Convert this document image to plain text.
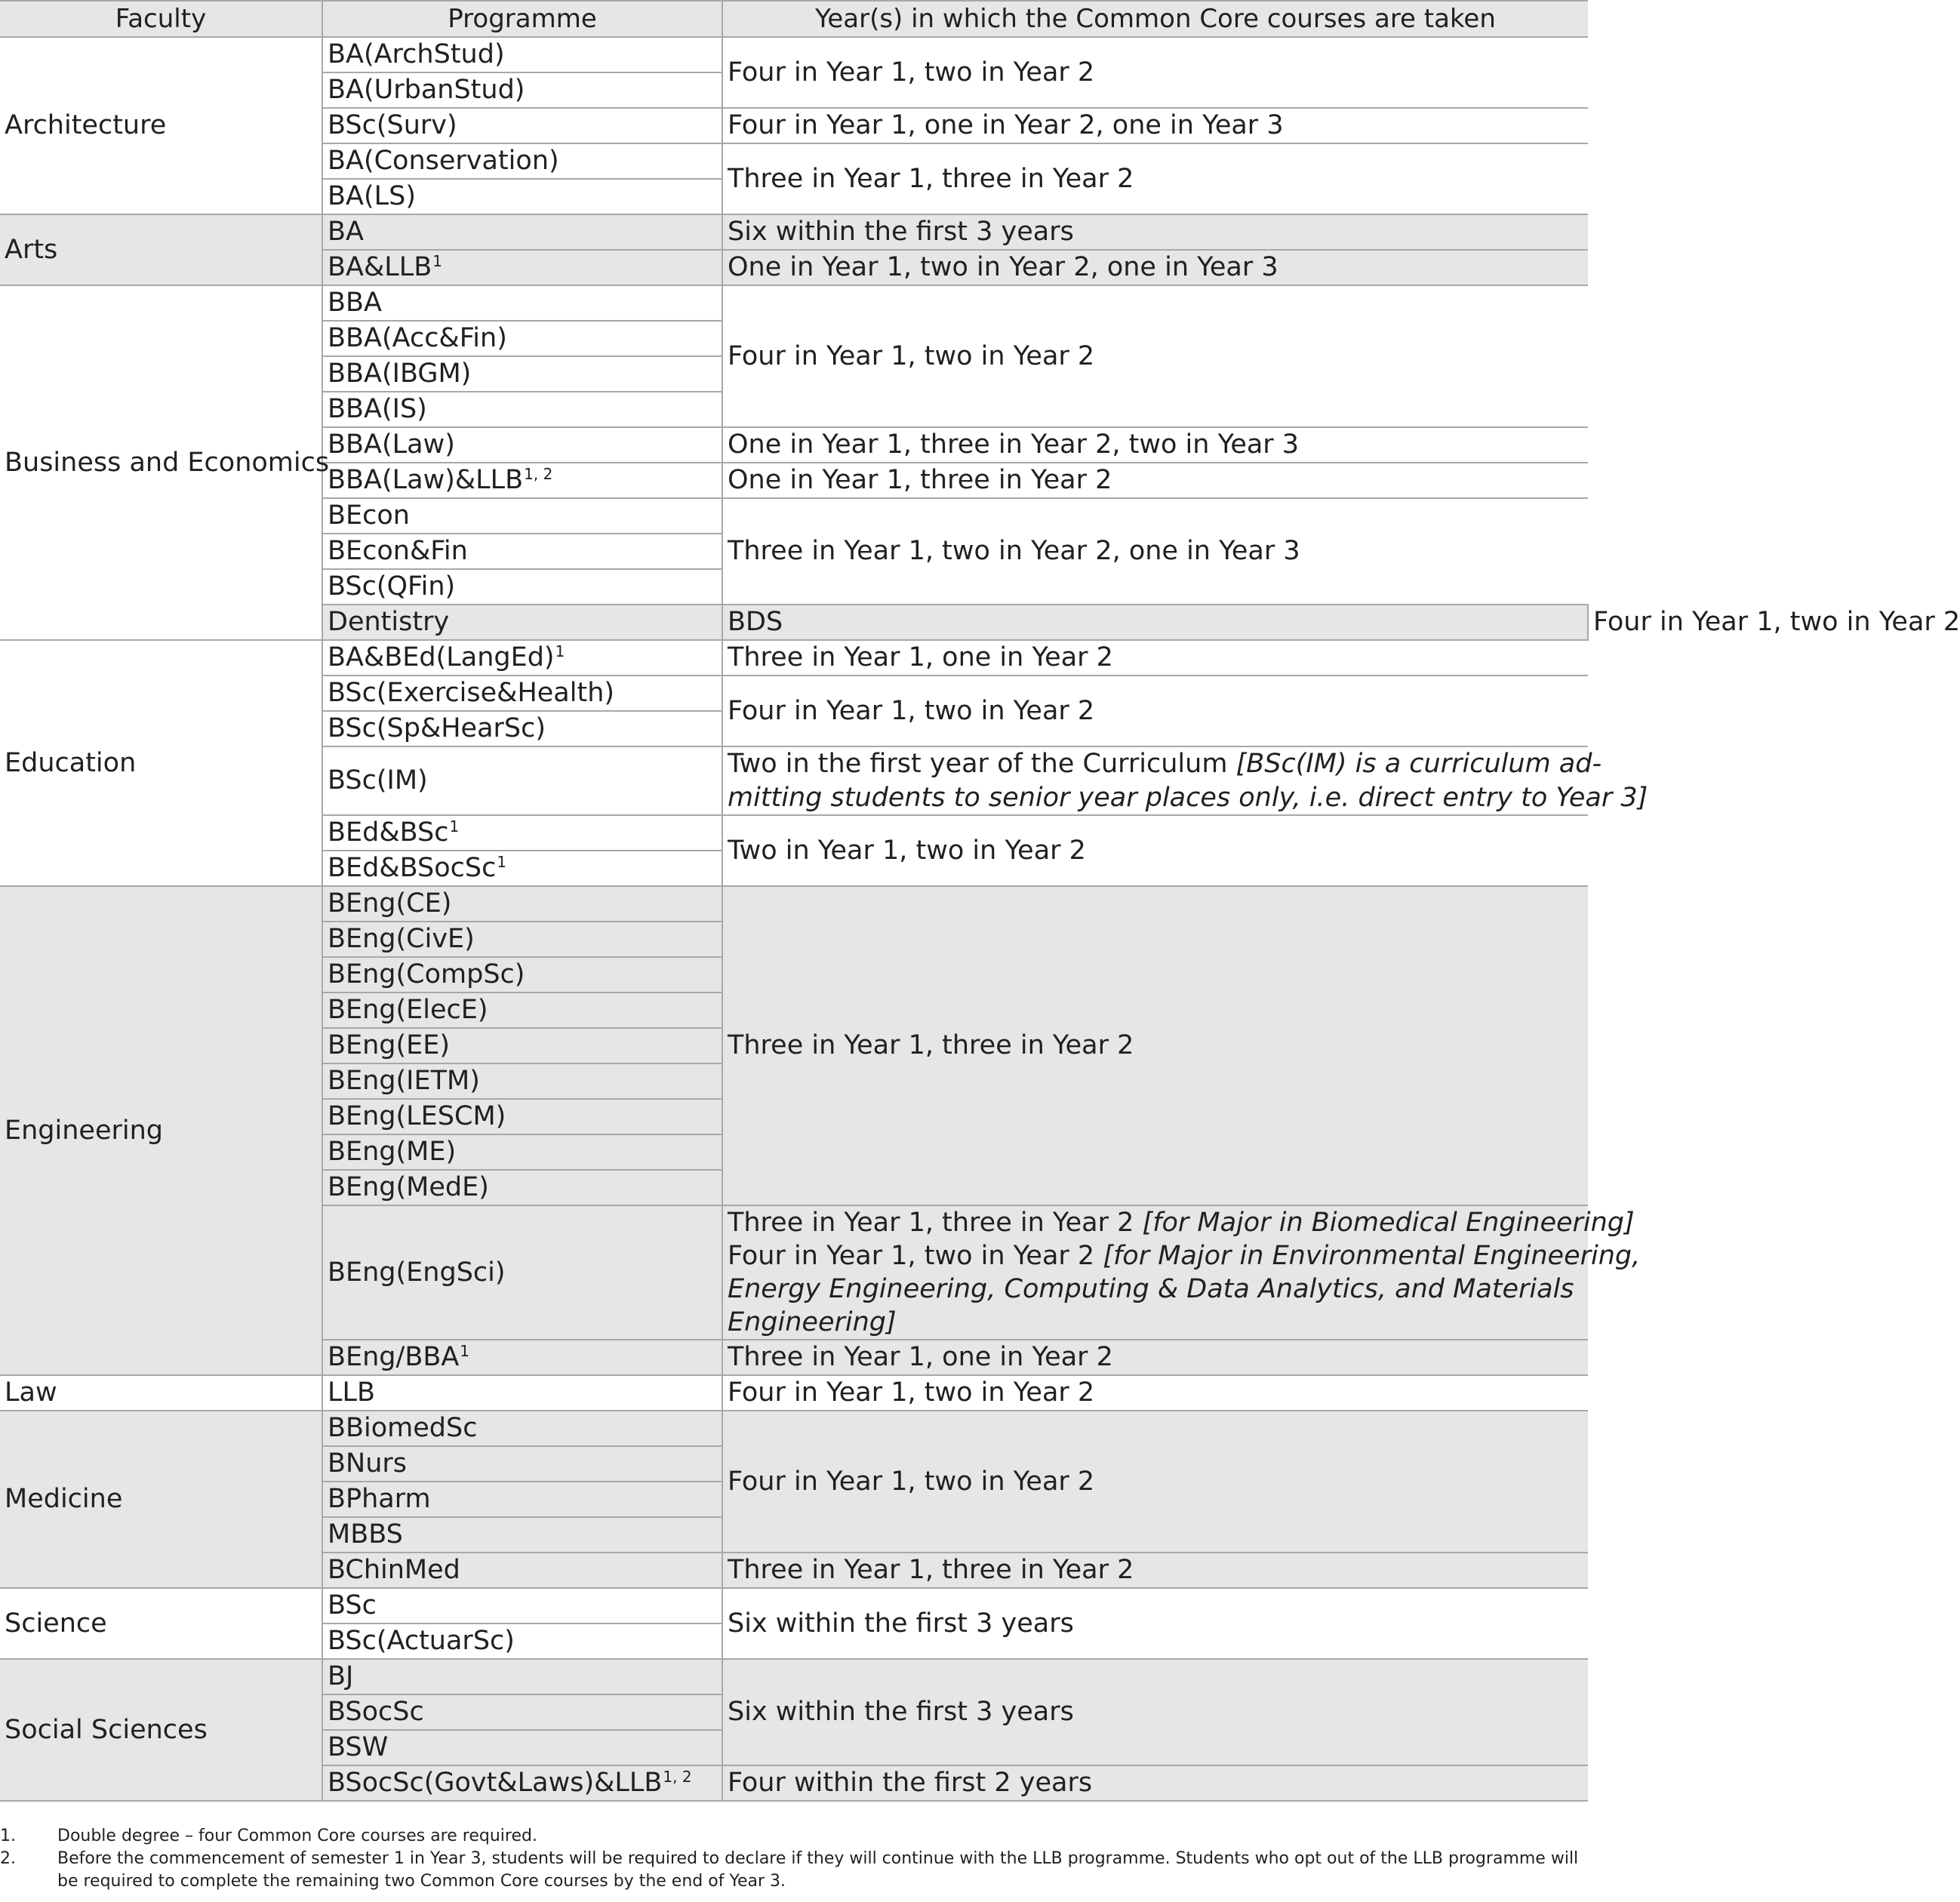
Faculty	Programme	Year(s) in which the Common Core courses are taken	
Architecture	BA(ArchStud)	Four in Year 1, two in Year 2	
	BA(UrbanStud)		
	BSc(Surv)	Four in Year 1, one in Year 2, one in Year 3	
	BA(Conservation)	Three in Year 1, three in Year 2	
	BA(LS)		
Arts	BA	Six within the first 3 years	
	BA&LLB$^1$	One in Year 1, two in Year 2, one in Year 3	
Business and Economics	BBA	Four in Year 1, two in Year 2	
	BBA(Acc&Fin)		
	BBA(IBGM)		
	BBA(IS)		
	BBA(Law)	One in Year 1, three in Year 2, two in Year 3	
	BBA(Law)&LLB$^{1, 2}$	One in Year 1, three in Year 2	
	BEcon	Three in Year 1, two in Year 2, one in Year 3	
	BEcon&Fin		
	BSc(QFin)		
	Dentistry	BDS	Four in Year 1, two in Year 2
Education	BA&BEd(LangEd)$^1$	Three in Year 1, one in Year 2	
	BSc(Exercise&Health)	Four in Year 1, two in Year 2	
	BSc(Sp&HearSc)		
	BSc(IM)	Two in the first year of the Curriculum [BSc(IM) is a curriculum ad-
mitting students to senior year places only, i.e. direct entry to Year 3]	

	BEd&BSc$^1$	Two in Year 1, two in Year 2	
	BEd&BSocSc$^1$
Engineering	BEng(CE)	Three in Year 1, three in Year 2	
	BEng(CivE)		
	BEng(CompSc)		
	BEng(ElecE)		
	BEng(EE)		
	BEng(IETM)		
	BEng(LESCM)		
	BEng(ME)		
	BEng(MedE)		
	BEng(EngSci)	Three in Year 1, three in Year 2 [for Major in Biomedical Engineering]
Four in Year 1, two in Year 2 [for Major in Environmental Engineering,
Energy Engineering, Computing & Data Analytics, and Materials
Engineering]	

	BEng/BBA$^1$	Three in Year 1, one in Year 2	
Law	LLB	Four in Year 1, two in Year 2	
Medicine	BBiomedSc	Four in Year 1, two in Year 2	
	BNurs		
	BPharm		
	MBBS		
	BChinMed	Three in Year 1, three in Year 2	
Science	BSc	Six within the first 3 years	
	BSc(ActuarSc)		
Social Sciences	BJ	Six within the first 3 years	
	BSocSc		
	BSW		
	BSocSc(Govt&Laws)&LLB$^{1, 2}$	Four within the first 2 years	
1.	Double degree – four Common Core courses are required.
2.	Before the commencement of semester 1 in Year 3, students will be required to declare if they will continue with the LLB programme. Students who opt out of the LLB programme will
be required to complete the remaining two Common Core courses by the end of Year 3.
